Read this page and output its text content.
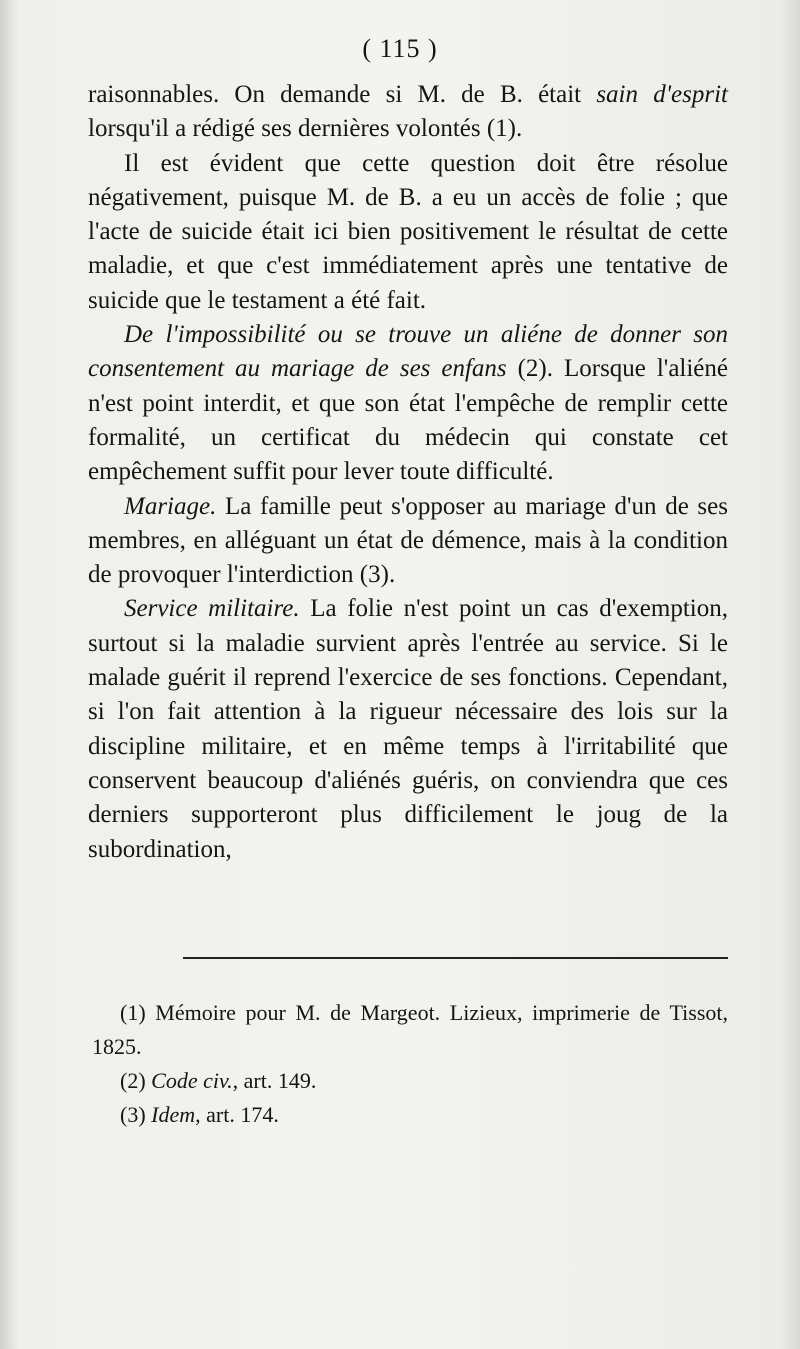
( 115 )

raisonnables. On demande si M. de B. était sain d'esprit lorsqu'il a rédigé ses dernières volontés (1).

Il est évident que cette question doit être résolue négativement, puisque M. de B. a eu un accès de folie ; que l'acte de suicide était ici bien positivement le résultat de cette maladie, et que c'est immédiatement après une tentative de suicide que le testament a été fait.

De l'impossibilité ou se trouve un aliéne de donner son consentement au mariage de ses enfans (2). Lorsque l'aliéné n'est point interdit, et que son état l'empêche de remplir cette formalité, un certificat du médecin qui constate cet empêchement suffit pour lever toute difficulté.

Mariage. La famille peut s'opposer au mariage d'un de ses membres, en alléguant un état de démence, mais à la condition de provoquer l'interdiction (3).

Service militaire. La folie n'est point un cas d'exemption, surtout si la maladie survient après l'entrée au service. Si le malade guérit il reprend l'exercice de ses fonctions. Cependant, si l'on fait attention à la rigueur nécessaire des lois sur la discipline militaire, et en même temps à l'irritabilité que conservent beaucoup d'aliénés guéris, on conviendra que ces derniers supporteront plus difficilement le joug de la subordination,

(1) Mémoire pour M. de Margeot. Lizieux, imprimerie de Tissot, 1825.

(2) Code civ., art. 149.

(3) Idem, art. 174.
